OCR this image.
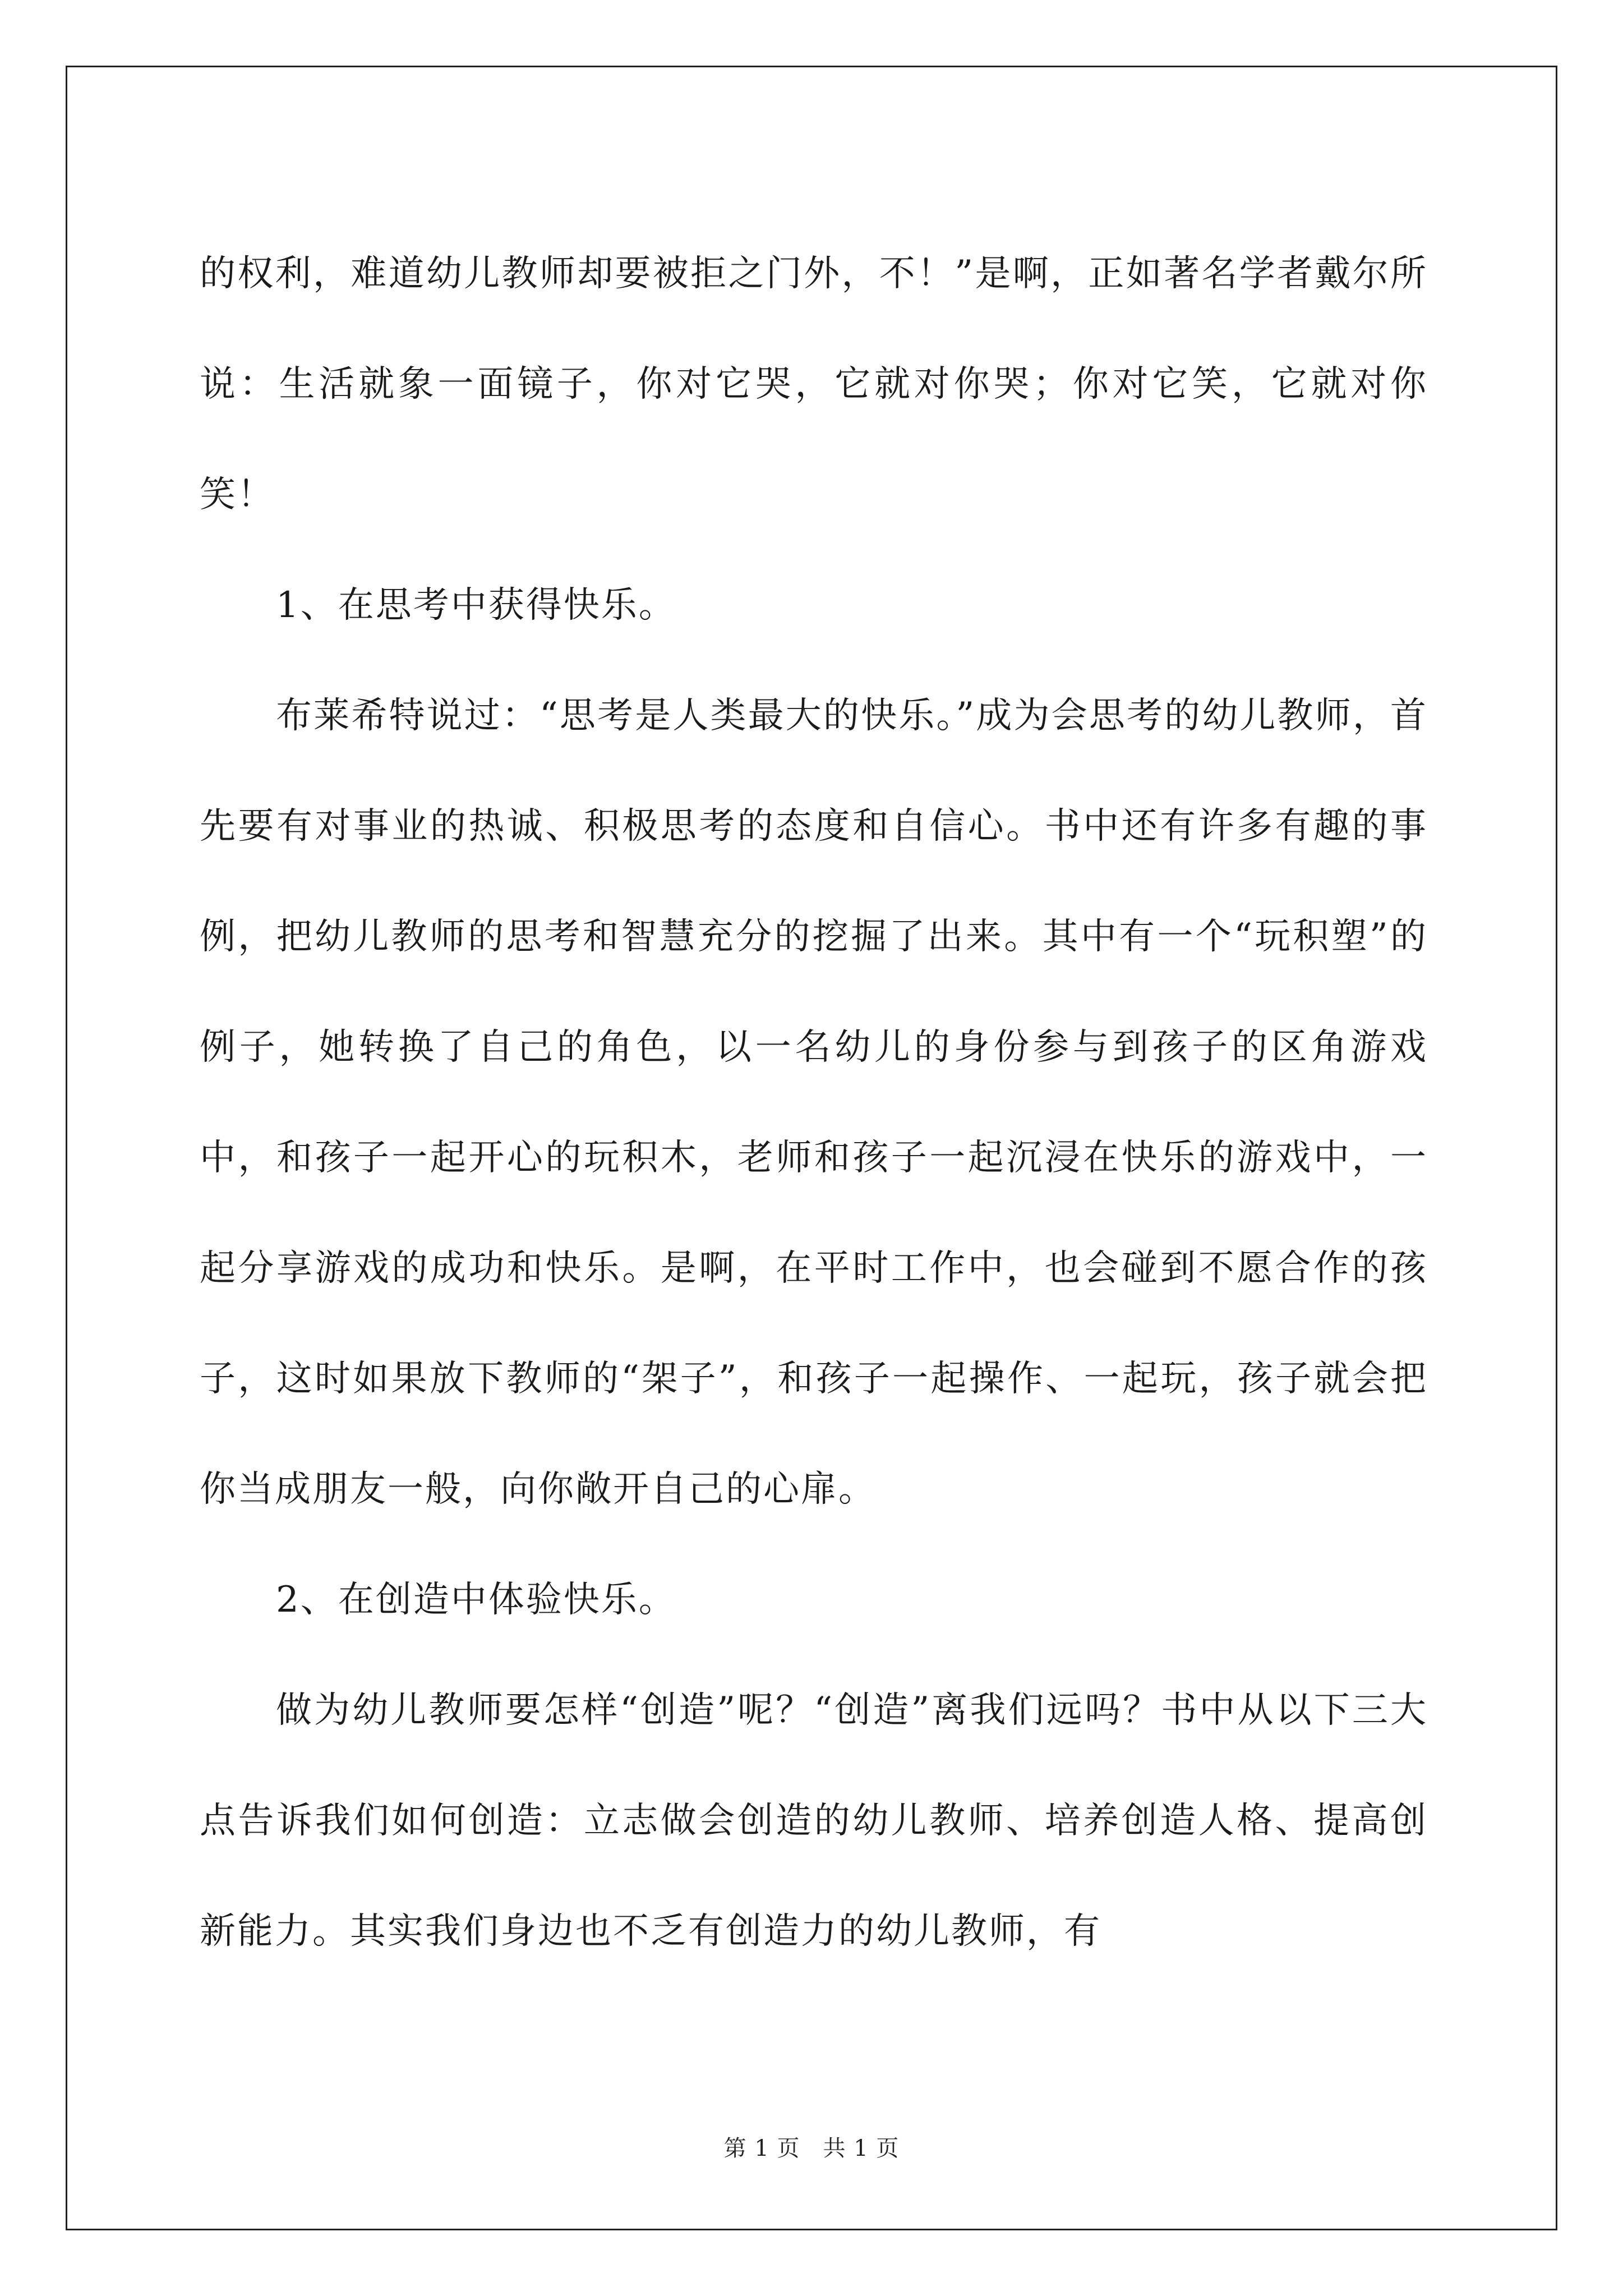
的权利，难道幼儿教师却要被拒之门外，不！”是啊，正如著名学者戴尔所说：生活就象一面镜子，你对它哭，它就对你哭；你对它笑，它就对你笑！

1、在思考中获得快乐。

布莱希特说过：“思考是人类最大的快乐。”成为会思考的幼儿教师，首先要有对事业的热诚、积极思考的态度和自信心。书中还有许多有趣的事例，把幼儿教师的思考和智慧充分的挖掘了出来。其中有一个“玩积塑”的例子，她转换了自己的角色，以一名幼儿的身份参与到孩子的区角游戏中，和孩子一起开心的玩积木，老师和孩子一起沉浸在快乐的游戏中，一起分享游戏的成功和快乐。是啊，在平时工作中，也会碰到不愿合作的孩子，这时如果放下教师的“架子”，和孩子一起操作、一起玩，孩子就会把你当成朋友一般，向你敞开自己的心扉。

2、在创造中体验快乐。

做为幼儿教师要怎样“创造”呢？“创造”离我们远吗？书中从以下三大点告诉我们如何创造：立志做会创造的幼儿教师、培养创造人格、提高创新能力。其实我们身边也不乏有创造力的幼儿教师，有

第 1 页　共 1 页
